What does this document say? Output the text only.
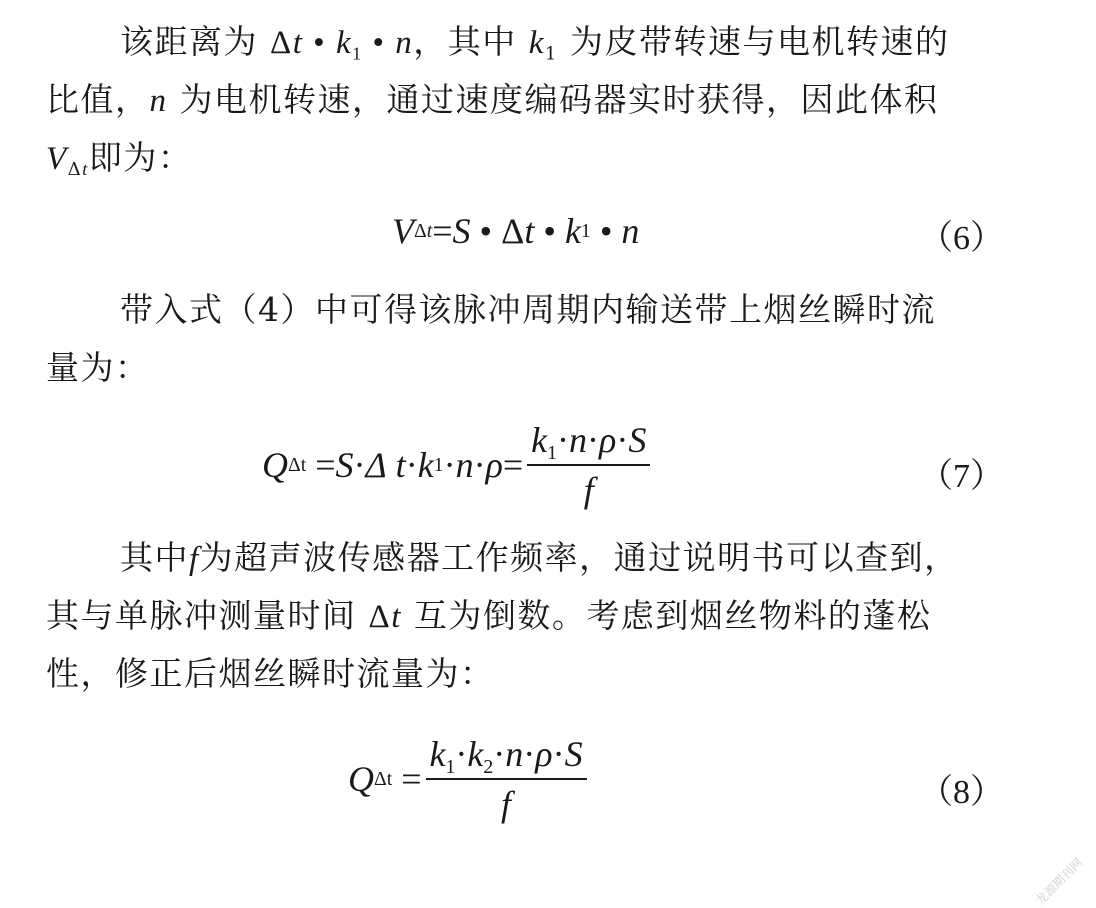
该距离为 Δt • $k_1$ • n，其中 $k_1$ 为皮带转速与电机转速的
比值，n 为电机转速，通过速度编码器实时获得，因此体积
$V_{\Delta t}$即为：
V Δt = S • Δ t • k 1 • n	（6）
带入式（4）中可得该脉冲周期内输送带上烟丝瞬时流
量为：
Q Δt = S · Δ
t · k $1 \cdot n \cdot \rho = \frac{k_1\cdot n\cdot\rho\cdot S}{f}$	（7）
其中f为超声波传感器工作频率，通过说明书可以查到，
其与单脉冲测量时间 Δt 互为倒数。考虑到烟丝物料的蓬松
性，修正后烟丝瞬时流量为：
Q $\Delta t = \frac{k_1\cdot k_2\cdot n\cdot\rho\cdot S}{f}$	（8）
龙源期刊网
